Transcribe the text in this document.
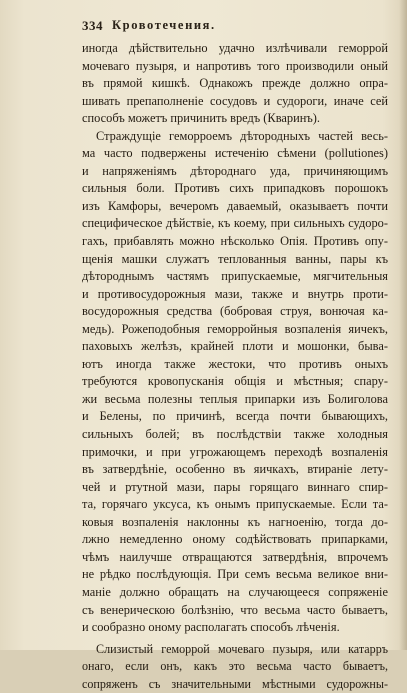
334 Кровотечения.
иногда дѣйствительно удачно излѣчивали геморрой
мочеваго пузыря, и напротивъ того производили оный
въ прямой кишкѣ. Однакожъ прежде должно опра-
шивать препаполненіе сосудовъ и судороги, иначе сей
способъ можетъ причинить вредъ (Кваринъ).
Страждущіе геморроемъ дѣтородныхъ частей весь-
ма часто подвержены истеченію сѣмени (pollutiones)
и напряженіямъ дѣтороднаго уда, причиняющимъ
сильныя боли. Противъ сихъ припадковъ порошокъ
изъ Камфоры, вечеромъ даваемый, оказываетъ почти
специфическое дѣйствіе, къ коему, при сильныхъ судоро-
гахъ, прибавлять можно нѣсколько Опія. Противъ опу-
щенія машки служатъ теплованныя ванны, пары къ
дѣтороднымъ частямъ припускаемые, мягчительныя
и противосудорожныя мази, также и внутрь проти-
восудорожныя средства (бобровая струя, вонючая ка-
медь). Рожеподобныя геморройныя возпаленія яичекъ,
паховыхъ желѣзъ, крайней плоти и мошонки, быва-
ютъ иногда также жестоки, что противъ оныхъ
требуются кровопусканія общія и мѣстныя; спару-
жи весьма полезны теплыя припарки изъ Болиголова
и Белены, по причинѣ, всегда почти бывающихъ,
сильныхъ болей; въ послѣдствіи также холодныя
примочки, и при угрожающемъ переходѣ возпаленія
въ затвердѣніе, особенно въ яичкахъ, втираніе лету-
чей и ртутной мази, пары горящаго виннаго спир-
та, горячаго уксуса, къ онымъ припускаемые. Если та-
ковыя возпаленія наклонны къ нагноенію, тогда до-
лжно немедленно оному содѣйствовать припарками,
чѣмъ наилучше отвращаются затвердѣнія, впрочемъ
не рѣдко послѣдующія. При семъ весьма великое вни-
маніе должно обращать на случающееся сопряженіе
съ венерическою болѣзнію, что весьма часто бываетъ,
и сообразно оному располагать способъ лѣченія.
Слизистый геморрой мочеваго пузыря, или катарръ
онаго, если онъ, какъ это весьма часто бываетъ,
сопряженъ съ значительными мѣстными судорожны-
